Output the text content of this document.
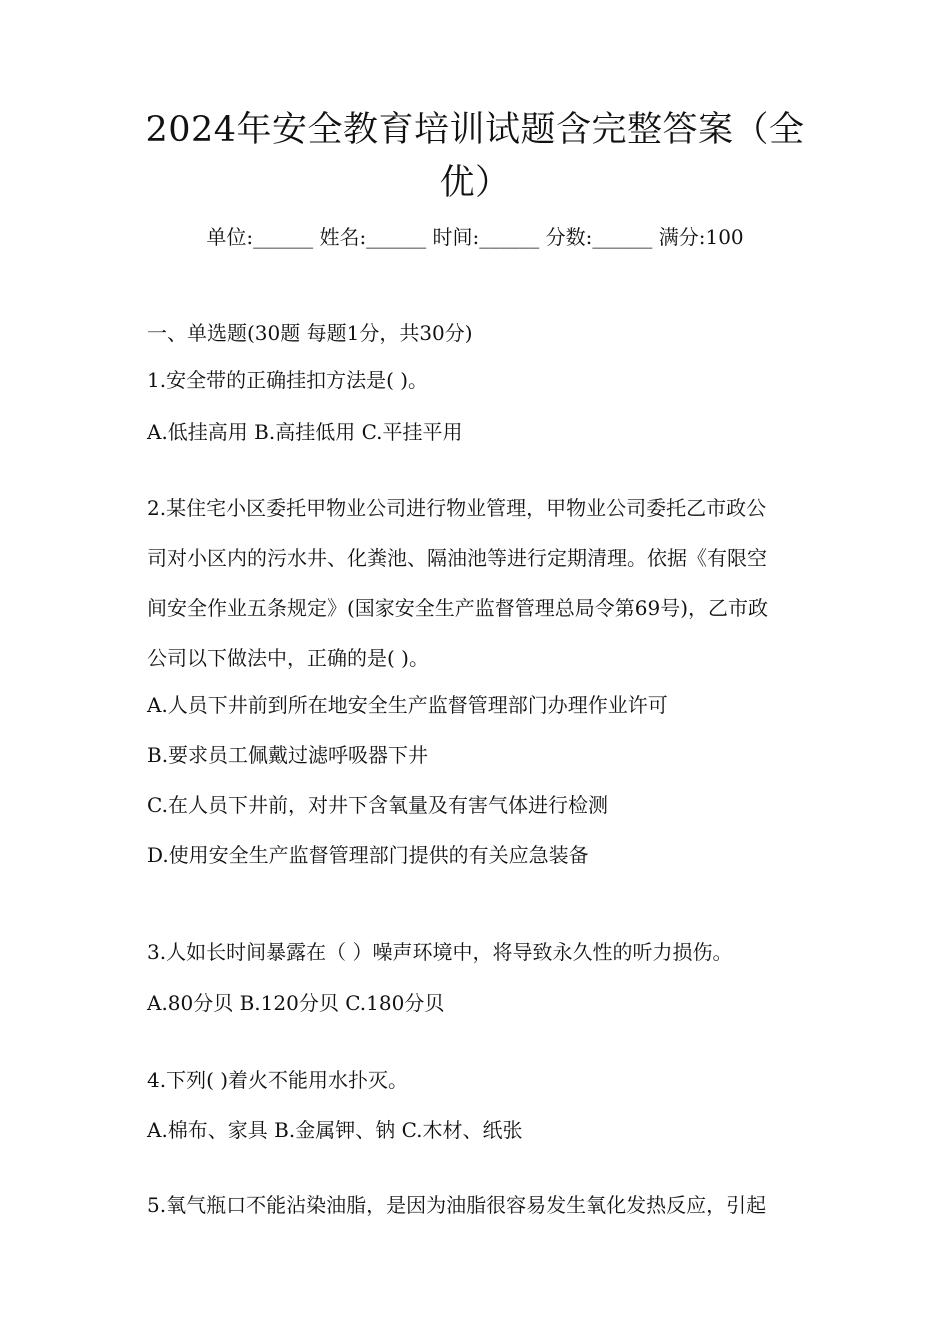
2024年安全教育培训试题含完整答案（全
优）
单位:______ 姓名:______ 时间:______ 分数:______ 满分:100
一、单选题(30题 每题1分，共30分)
1.安全带的正确挂扣方法是( )。
A.低挂高用 B.高挂低用 C.平挂平用
2.某住宅小区委托甲物业公司进行物业管理，甲物业公司委托乙市政公
司对小区内的污水井、化粪池、隔油池等进行定期清理。依据《有限空
间安全作业五条规定》(国家安全生产监督管理总局令第69号)，乙市政
公司以下做法中，正确的是( )。
A.人员下井前到所在地安全生产监督管理部门办理作业许可
B.要求员工佩戴过滤呼吸器下井
C.在人员下井前，对井下含氧量及有害气体进行检测
D.使用安全生产监督管理部门提供的有关应急装备
3.人如长时间暴露在（ ）噪声环境中，将导致永久性的听力损伤。
A.80分贝 B.120分贝 C.180分贝
4.下列( )着火不能用水扑灭。
A.棉布、家具 B.金属钾、钠 C.木材、纸张
5.氧气瓶口不能沾染油脂，是因为油脂很容易发生氧化发热反应，引起
